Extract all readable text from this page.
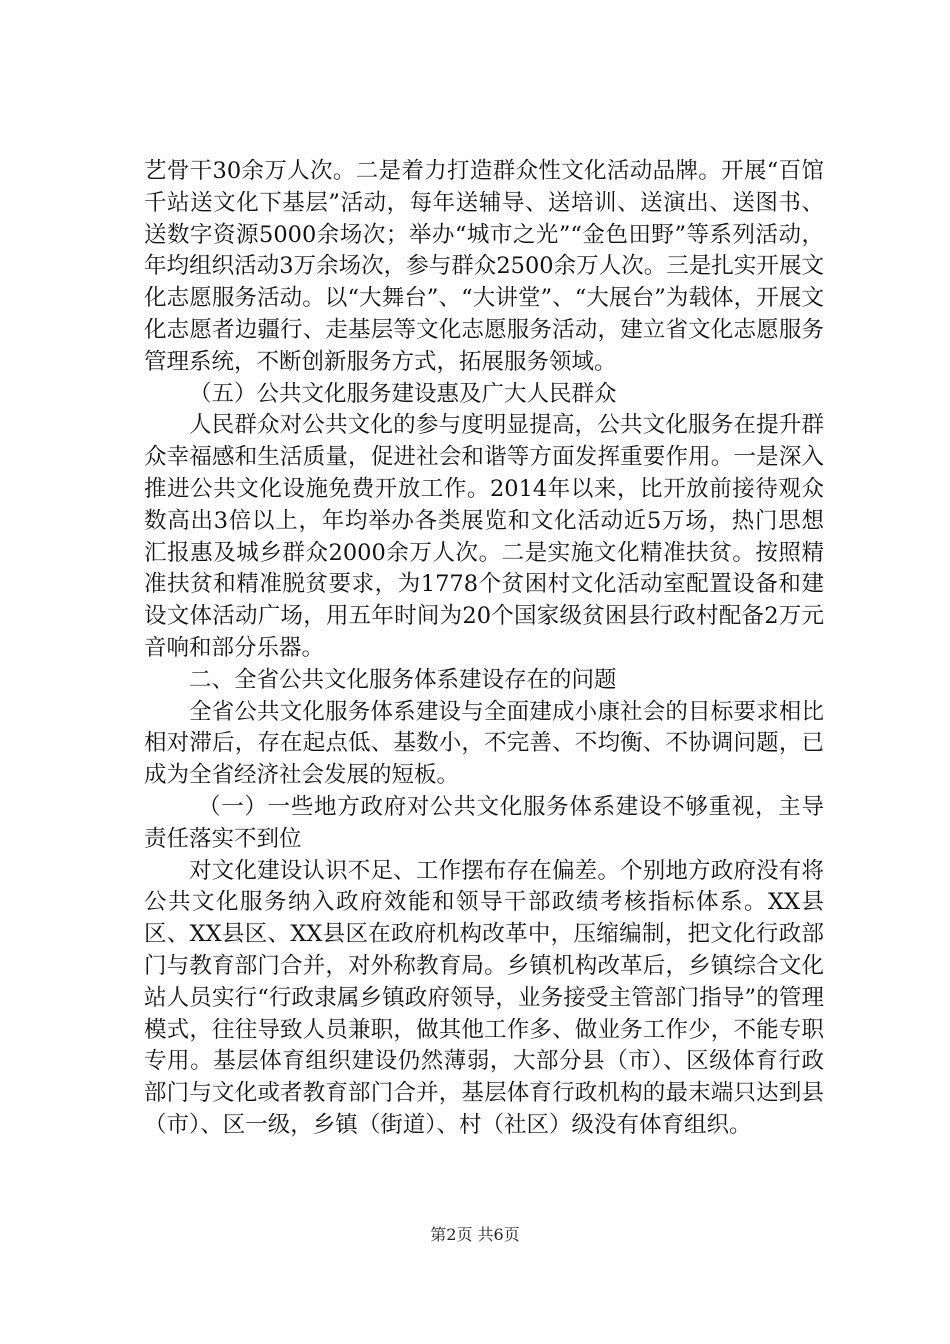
艺骨干30余万人次。二是着力打造群众性文化活动品牌。开展“百馆千站送文化下基层”活动，每年送辅导、送培训、送演出、送图书、送数字资源5000余场次；举办“城市之光”“金色田野”等系列活动，年均组织活动3万余场次，参与群众2500余万人次。三是扎实开展文化志愿服务活动。以“大舞台”、“大讲堂”、“大展台”为载体，开展文化志愿者边疆行、走基层等文化志愿服务活动，建立省文化志愿服务管理系统，不断创新服务方式，拓展服务领域。

（五）公共文化服务建设惠及广大人民群众

人民群众对公共文化的参与度明显提高，公共文化服务在提升群众幸福感和生活质量，促进社会和谐等方面发挥重要作用。一是深入推进公共文化设施免费开放工作。2014年以来，比开放前接待观众数高出3倍以上，年均举办各类展览和文化活动近5万场，热门思想汇报惠及城乡群众2000余万人次。二是实施文化精准扶贫。按照精准扶贫和精准脱贫要求，为1778个贫困村文化活动室配置设备和建设文体活动广场，用五年时间为20个国家级贫困县行政村配备2万元音响和部分乐器。

二、全省公共文化服务体系建设存在的问题

全省公共文化服务体系建设与全面建成小康社会的目标要求相比相对滞后，存在起点低、基数小，不完善、不均衡、不协调问题，已成为全省经济社会发展的短板。

（一）一些地方政府对公共文化服务体系建设不够重视，主导责任落实不到位

对文化建设认识不足、工作摆布存在偏差。个别地方政府没有将公共文化服务纳入政府效能和领导干部政绩考核指标体系。XX县区、XX县区、XX县区在政府机构改革中，压缩编制，把文化行政部门与教育部门合并，对外称教育局。乡镇机构改革后，乡镇综合文化站人员实行“行政隶属乡镇政府领导，业务接受主管部门指导”的管理模式，往往导致人员兼职，做其他工作多、做业务工作少，不能专职专用。基层体育组织建设仍然薄弱，大部分县（市）、区级体育行政部门与文化或者教育部门合并，基层体育行政机构的最末端只达到县（市）、区一级，乡镇（街道）、村（社区）级没有体育组织。

第2页 共6页
